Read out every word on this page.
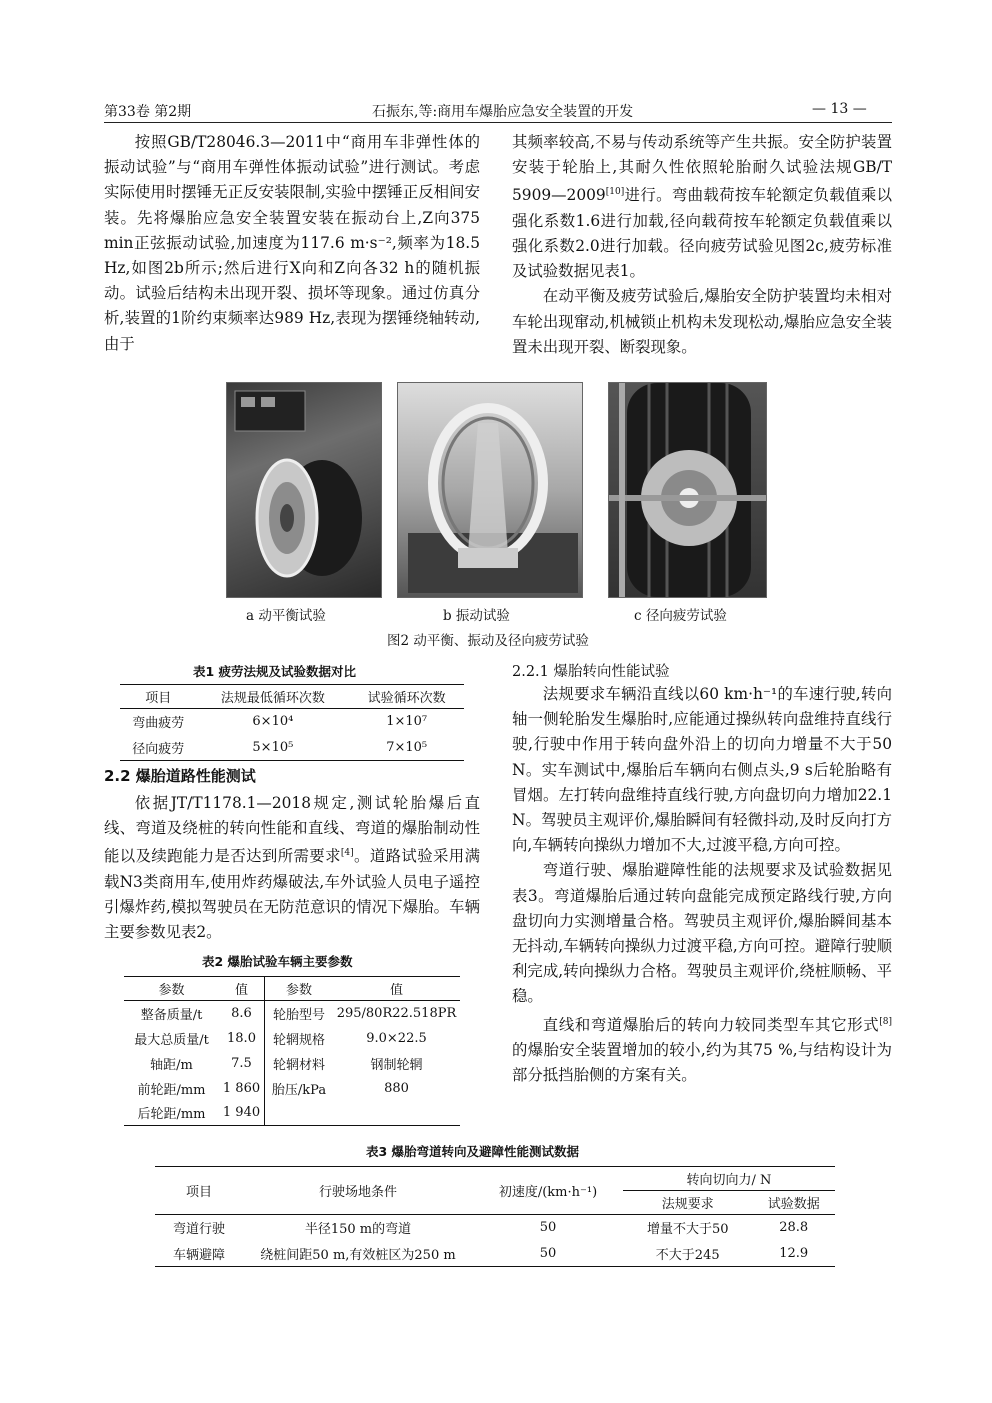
第33卷 第2期	石振东,等:商用车爆胎应急安全装置的开发	— 13 —

按照GB/T28046.3—2011中“商用车非弹性体的振动试验”与“商用车弹性体振动试验”进行测试。考虑实际使用时摆锤无正反安装限制,实验中摆锤正反相间安装。先将爆胎应急安全装置安装在振动台上,Z向375 min正弦振动试验,加速度为117.6 m·s⁻²,频率为18.5 Hz,如图2b所示;然后进行X向和Z向各32 h的随机振动。试验后结构未出现开裂、损坏等现象。通过仿真分析,装置的1阶约束频率达989 Hz,表现为摆锤绕轴转动,由于

其频率较高,不易与传动系统等产生共振。安全防护装置安装于轮胎上,其耐久性依照轮胎耐久试验法规GB/T 5909—2009[10]进行。弯曲载荷按车轮额定负载值乘以强化系数1.6进行加载,径向载荷按车轮额定负载值乘以强化系数2.0进行加载。径向疲劳试验见图2c,疲劳标准及试验数据见表1。

在动平衡及疲劳试验后,爆胎安全防护装置均未相对车轮出现窜动,机械锁止机构未发现松动,爆胎应急安全装置未出现开裂、断裂现象。

a 动平衡试验	b 振动试验	c 径向疲劳试验
图2 动平衡、振动及径向疲劳试验
表1 疲劳法规及试验数据对比
项目	法规最低循环次数	试验循环次数
弯曲疲劳	6×10⁴	1×10⁷
径向疲劳	5×10⁵	7×10⁵
2.2 爆胎道路性能测试

依据JT/T1178.1—2018规定,测试轮胎爆后直线、弯道及绕桩的转向性能和直线、弯道的爆胎制动性能以及续跑能力是否达到所需要求[4]。道路试验采用满载N3类商用车,使用炸药爆破法,车外试验人员电子遥控引爆炸药,模拟驾驶员在无防范意识的情况下爆胎。车辆主要参数见表2。

表2 爆胎试验车辆主要参数
参数	值	参数	值
整备质量/t	8.6	轮胎型号	295/80R22.518PR
最大总质量/t	18.0	轮辋规格	9.0×22.5
轴距/m	7.5	轮辋材料	钢制轮辋
前轮距/mm	1 860	胎压/kPa	880
后轮距/mm	1 940		
2.2.1 爆胎转向性能试验

法规要求车辆沿直线以60 km·h⁻¹的车速行驶,转向轴一侧轮胎发生爆胎时,应能通过操纵转向盘维持直线行驶,行驶中作用于转向盘外沿上的切向力增量不大于50 N。实车测试中,爆胎后车辆向右侧点头,9 s后轮胎略有冒烟。左打转向盘维持直线行驶,方向盘切向力增加22.1 N。驾驶员主观评价,爆胎瞬间有轻微抖动,及时反向打方向,车辆转向操纵力增加不大,过渡平稳,方向可控。

弯道行驶、爆胎避障性能的法规要求及试验数据见表3。弯道爆胎后通过转向盘能完成预定路线行驶,方向盘切向力实测增量合格。驾驶员主观评价,爆胎瞬间基本无抖动,车辆转向操纵力过渡平稳,方向可控。避障行驶顺利完成,转向操纵力合格。驾驶员主观评价,绕桩顺畅、平稳。

直线和弯道爆胎后的转向力较同类型车其它形式[8]的爆胎安全装置增加的较小,约为其75 %,与结构设计为部分抵挡胎侧的方案有关。

表3 爆胎弯道转向及避障性能测试数据
项目	行驶场地条件	初速度/(km·h⁻¹)	转向切向力/ N	
			法规要求	试验数据
弯道行驶	半径150 m的弯道	50	增量不大于50	28.8
车辆避障	绕桩间距50 m,有效桩区为250 m	50	不大于245	12.9
